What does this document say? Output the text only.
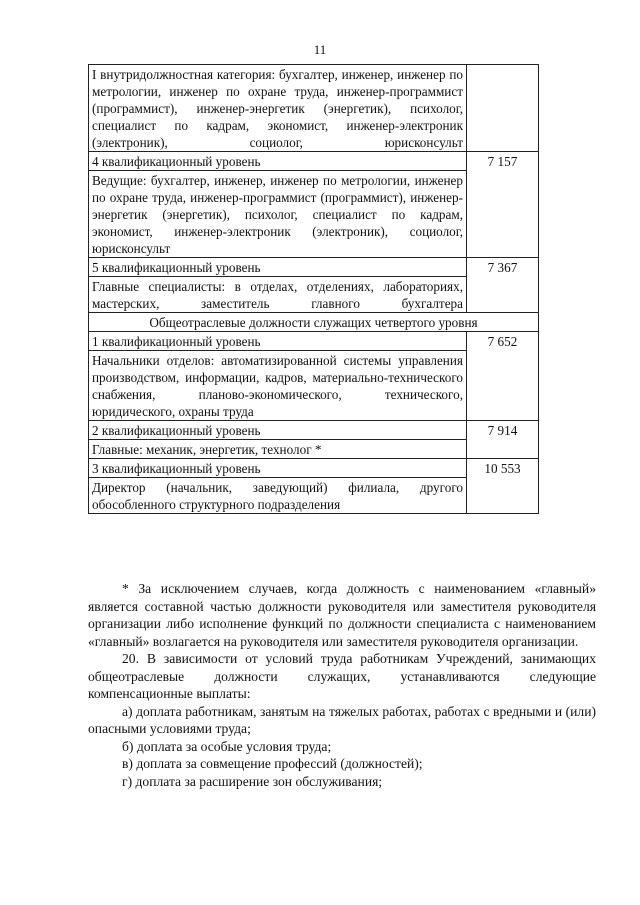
11
I внутридолжностная категория: бухгалтер, инженер, инженер по метрологии, инженер по охране труда, инженер-программист (программист), инженер-энергетик (энергетик), психолог, специалист по кадрам, экономист, инженер-электроник (электроник), социолог, юрисконсульт	
4 квалификационный уровень	7 157
Ведущие: бухгалтер, инженер, инженер по метрологии, инженер по охране труда, инженер-программист (программист), инженер-энергетик (энергетик), психолог, специалист по кадрам, экономист, инженер-электроник (электроник), социолог, юрисконсульт	
5 квалификационный уровень	7 367
Главные специалисты: в отделах, отделениях, лабораториях, мастерских, заместитель главного бухгалтера	
Общеотраслевые должности служащих четвертого уровня	
1 квалификационный уровень	7 652
Начальники отделов: автоматизированной системы управления производством, информации, кадров, материально-технического снабжения, планово-экономического, технического, юридического, охраны труда	
2 квалификационный уровень	7 914
Главные: механик, энергетик, технолог *	
3 квалификационный уровень	10 553
Директор (начальник, заведующий) филиала, другого обособленного структурного подразделения	

* За исключением случаев, когда должность с наименованием «главный» является составной частью должности руководителя или заместителя руководителя организации либо исполнение функций по должности специалиста с наименованием «главный» возлагается на руководителя или заместителя руководителя организации.

20. В зависимости от условий труда работникам Учреждений, занимающих общеотраслевые должности служащих, устанавливаются следующие компенсационные выплаты:

а) доплата работникам, занятым на тяжелых работах, работах с вредными и (или) опасными условиями труда;

б) доплата за особые условия труда;

в) доплата за совмещение профессий (должностей);

г) доплата за расширение зон обслуживания;
